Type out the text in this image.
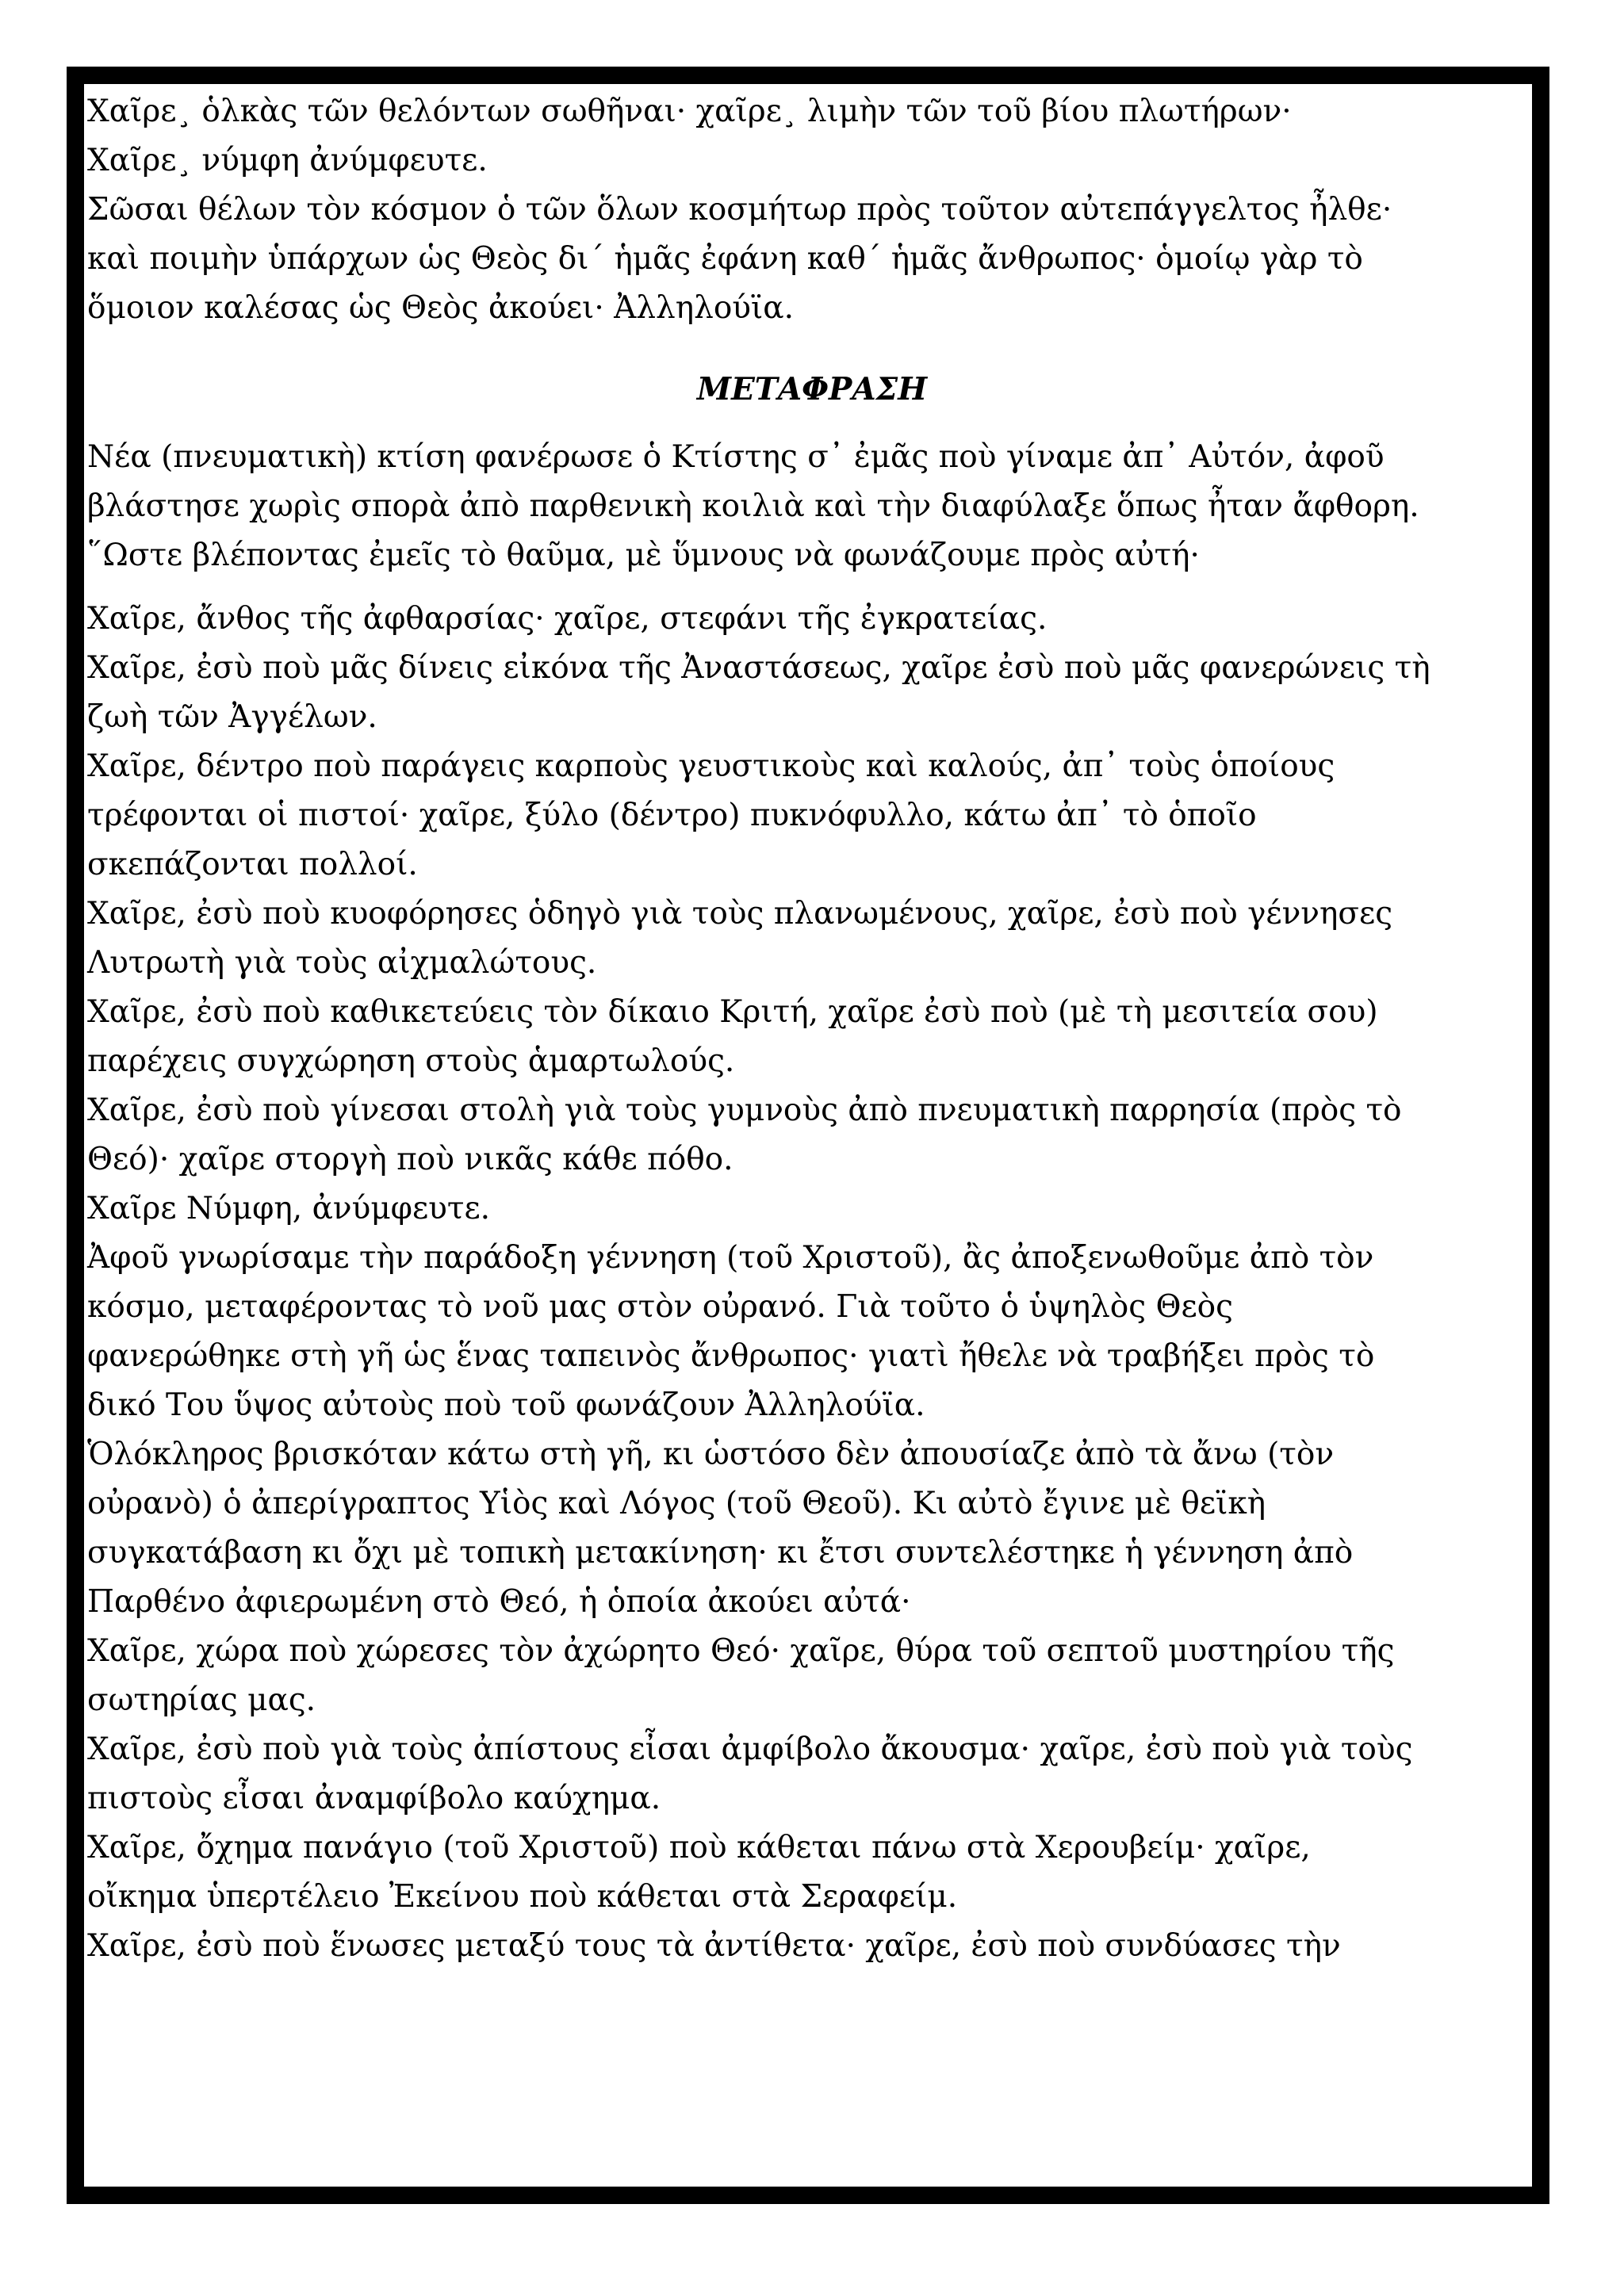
Χαῖρε¸ ὁλκὰς τῶν θελόντων σωθῆναι· χαῖρε¸ λιμὴν τῶν τοῦ βίου πλωτήρων·
Χαῖρε¸ νύμφη ἀνύμφευτε.
Σῶσαι θέλων τὸν κόσμον ὁ τῶν ὅλων κοσμήτωρ πρὸς τοῦτον αὐτεπάγγελτος ἦλθε·
καὶ ποιμὴν ὑπάρχων ὡς Θεὸς δι΄ ἡμᾶς ἐφάνη καθ΄ ἡμᾶς ἄνθρωπος· ὁμοίῳ γὰρ τὸ
ὅμοιον καλέσας ὡς Θεὸς ἀκούει· Ἀλληλούϊα.
ΜΕΤΑΦΡΑΣΗ
Νέα (πνευματικὴ) κτίση φανέρωσε ὁ Κτίστης σ᾿ ἐμᾶς ποὺ γίναμε ἀπ᾿ Αὐτόν, ἀφοῦ
βλάστησε χωρὶς σπορὰ ἀπὸ παρθενικὴ κοιλιὰ καὶ τὴν διαφύλαξε ὅπως ἦταν ἄφθορη.
῞Ωστε βλέποντας ἐμεῖς τὸ θαῦμα, μὲ ὕμνους νὰ φωνάζουμε πρὸς αὐτή·
Χαῖρε, ἄνθος τῆς ἀφθαρσίας· χαῖρε, στεφάνι τῆς ἐγκρατείας.
Χαῖρε, ἐσὺ ποὺ μᾶς δίνεις εἰκόνα τῆς Ἀναστάσεως, χαῖρε ἐσὺ ποὺ μᾶς φανερώνεις τὴ
ζωὴ τῶν Ἀγγέλων.
Χαῖρε, δέντρο ποὺ παράγεις καρποὺς γευστικοὺς καὶ καλούς, ἀπ᾿ τοὺς ὁποίους
τρέφονται οἱ πιστοί· χαῖρε, ξύλο (δέντρο) πυκνόφυλλο, κάτω ἀπ᾿ τὸ ὁποῖο
σκεπάζονται πολλοί.
Χαῖρε, ἐσὺ ποὺ κυοφόρησες ὁδηγὸ γιὰ τοὺς πλανωμένους, χαῖρε, ἐσὺ ποὺ γέννησες
Λυτρωτὴ γιὰ τοὺς αἰχμαλώτους.
Χαῖρε, ἐσὺ ποὺ καθικετεύεις τὸν δίκαιο Κριτή, χαῖρε ἐσὺ ποὺ (μὲ τὴ μεσιτεία σου)
παρέχεις συγχώρηση στοὺς ἁμαρτωλούς.
Χαῖρε, ἐσὺ ποὺ γίνεσαι στολὴ γιὰ τοὺς γυμνοὺς ἀπὸ πνευματικὴ παρρησία (πρὸς τὸ
Θεό)· χαῖρε στοργὴ ποὺ νικᾶς κάθε πόθο.
Χαῖρε Νύμφη, ἀνύμφευτε.
Ἀφοῦ γνωρίσαμε τὴν παράδοξη γέννηση (τοῦ Χριστοῦ), ἂς ἀποξενωθοῦμε ἀπὸ τὸν
κόσμο, μεταφέροντας τὸ νοῦ μας στὸν οὐρανό. Γιὰ τοῦτο ὁ ὑψηλὸς Θεὸς
φανερώθηκε στὴ γῆ ὡς ἕνας ταπεινὸς ἄνθρωπος· γιατὶ ἤθελε νὰ τραβήξει πρὸς τὸ
δικό Του ὕψος αὐτοὺς ποὺ τοῦ φωνάζουν Ἀλληλούϊα.
Ὁλόκληρος βρισκόταν κάτω στὴ γῆ, κι ὡστόσο δὲν ἀπουσίαζε ἀπὸ τὰ ἄνω (τὸν
οὐρανὸ) ὁ ἀπερίγραπτος Υἱὸς καὶ Λόγος (τοῦ Θεοῦ). Κι αὐτὸ ἔγινε μὲ θεϊκὴ
συγκατάβαση κι ὄχι μὲ τοπικὴ μετακίνηση· κι ἔτσι συντελέστηκε ἡ γέννηση ἀπὸ
Παρθένο ἀφιερωμένη στὸ Θεό, ἡ ὁποία ἀκούει αὐτά·
Χαῖρε, χώρα ποὺ χώρεσες τὸν ἀχώρητο Θεό· χαῖρε, θύρα τοῦ σεπτοῦ μυστηρίου τῆς
σωτηρίας μας.
Χαῖρε, ἐσὺ ποὺ γιὰ τοὺς ἀπίστους εἶσαι ἀμφίβολο ἄκουσμα· χαῖρε, ἐσὺ ποὺ γιὰ τοὺς
πιστοὺς εἶσαι ἀναμφίβολο καύχημα.
Χαῖρε, ὄχημα πανάγιο (τοῦ Χριστοῦ) ποὺ κάθεται πάνω στὰ Χερουβείμ· χαῖρε,
οἴκημα ὑπερτέλειο Ἐκείνου ποὺ κάθεται στὰ Σεραφείμ.
Χαῖρε, ἐσὺ ποὺ ἕνωσες μεταξύ τους τὰ ἀντίθετα· χαῖρε, ἐσὺ ποὺ συνδύασες τὴν
